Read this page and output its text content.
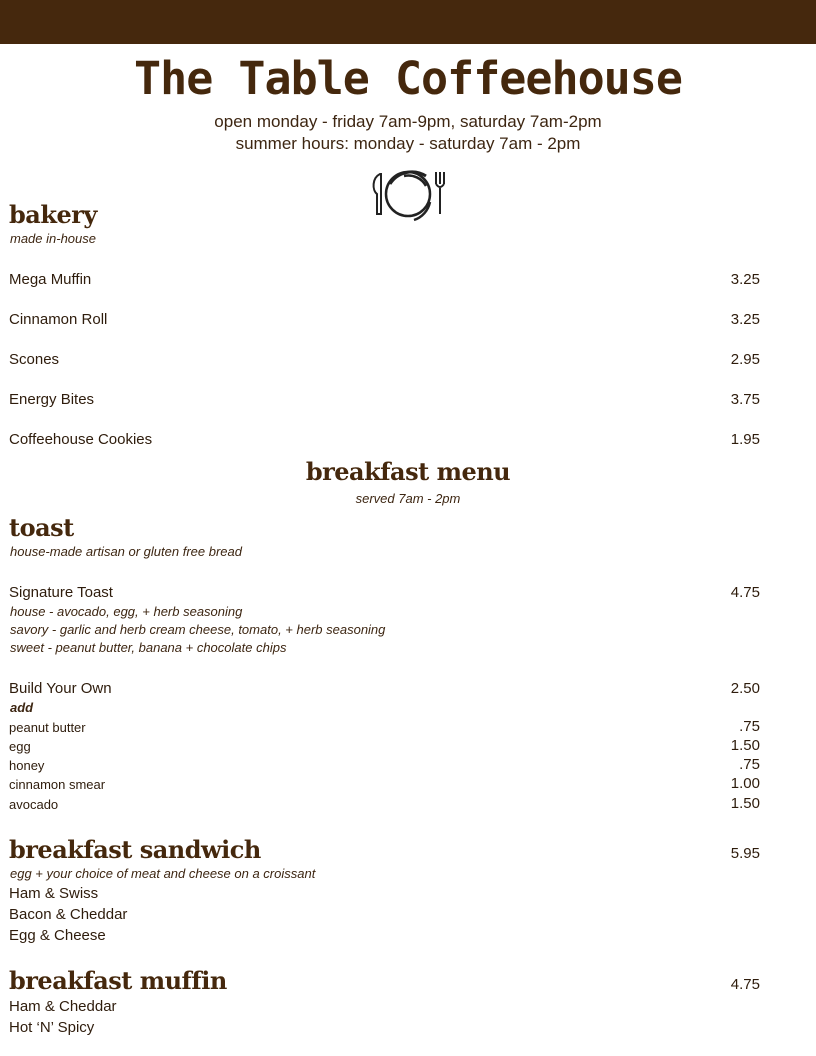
The Table Coffeehouse
open monday - friday 7am-9pm, saturday 7am-2pm
summer hours: monday - saturday 7am - 2pm
bakery
made in-house
Mega Muffin	3.25
Cinnamon Roll	3.25
Scones	2.95
Energy Bites	3.75
Coffeehouse Cookies	1.95
breakfast menu
served 7am - 2pm
toast
house-made artisan or gluten free bread
Signature Toast	4.75
house - avocado, egg, + herb seasoning
savory - garlic and herb cream cheese, tomato, + herb seasoning
sweet - peanut butter, banana + chocolate chips
Build Your Own	2.50
add
peanut butter	.75
egg	1.50
honey	.75
cinnamon smear	1.00
avocado	1.50
breakfast sandwich	5.95
egg + your choice of meat and cheese on a croissant
Ham & Swiss
Bacon & Cheddar
Egg & Cheese
breakfast muffin	4.75
Ham & Cheddar
Hot ‘N’ Spicy
